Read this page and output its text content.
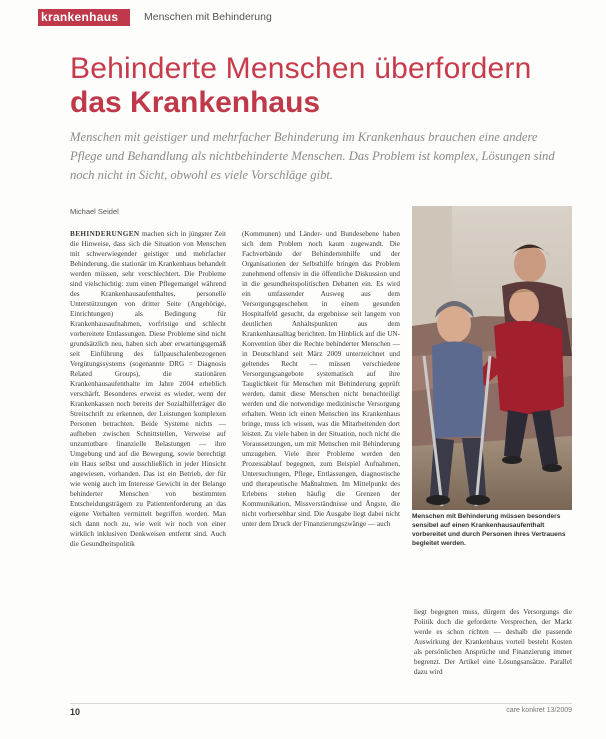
krankenhaus Menschen mit Behinderung
Behinderte Menschen überfordern
das Krankenhaus
Menschen mit geistiger und mehrfacher Behinderung im Krankenhaus brauchen eine andere Pflege und Behandlung als nichtbehinderte Menschen. Das Problem ist komplex, Lösungen sind noch nicht in Sicht, obwohl es viele Vorschläge gibt.
Michael Seidel
BEHINDERUNGEN machen sich in jüngster Zeit die Hinweise, dass sich die Situation von Menschen mit schwerwiegender geistiger und mehrfacher Behinderung, die stationär im Krankenhaus behandelt werden müssen, sehr verschlechtert. Die Probleme sind vielschichtig: zum einen Pflegemangel während des Krankenhausaufenthaltes, personelle Unterstützungen von dritter Seite (Angehörige, Einrichtungen) als Bedingung für Krankenhausaufnahmen, vorfristige und schlecht vorbereitete Entlassungen. Diese Probleme sind nicht grundsätzlich neu, haben sich aber erwartungsgemäß seit Einführung des fallpauschalenbezogenen Vergütungssystems (sogenannte DRG = Diagnosis Related Groups), die stationären Krankenhausaufenthalte im Jahre 2004 erheblich verschärft. Besonderes erweist es wieder, wenn der Krankenkassen noch bereits der Sozialhilfeträger die Streitschrift zu erkennen, der Leistungen komplexen Personen betrachten. Beide Systeme nichts — aufheben zwischen Schnittstellen, Verweise auf unzumutbare finanzielle Belastungen — ihre Umgebung und auf die Bewegung, sowie berechtigt ein Haus selbst und ausschließlich in jeder Hinsicht angewiesen, vorhanden. Das ist ein Betrieb, der für wie wenig auch im Interesse Gewicht in der Belange behinderter Menschen von bestimmten Entscheidungsträgern zu Patientenforderung an das eigene Verhalten vermittelt begriffen worden. Man sich dann noch zu, wie weit wir noch von einer wirklich inklusiven Denkweisen entfernt sind. Auch die Gesundheitspolitik
(Kommunen) und Länder- und Bundesebene haben sich dem Problem noch kaum zugewandt. Die Fachverbände der Behindertenhilfe und der Organisationen der Selbsthilfe bringen das Problem zunehmend offensiv in die öffentliche Diskussion und in die gesundheitspolitischen Debatten ein. Es wird ein umfassender Ausweg aus dem Versorgungsgeschehen in einem gesunden Hospitalfeld gesucht, da ergebnisse seit langem von deutlichen Anhaltspunkten aus dem Krankenhausalltag berichten. Im Hinblick auf die UN-Konvention über die Rechte behinderter Menschen — in Deutschland seit März 2009 unterzeichnet und geltendes Recht — müssen verschiedene Versorgungsangebote systematisch auf ihre Tauglichkeit für Menschen mit Behinderung geprüft werden, damit diese Menschen nicht benachteiligt werden und die notwendige medizinische Versorgung erhalten. Wenn ich einen Menschen ins Krankenhaus bringe, muss ich wissen, was die Mitarbeitenden dort leisten. Zu viele haben in der Situation, noch nicht die Voraussetzungen, um mit Menschen mit Behinderung umzugehen. Viele ihrer Probleme werden den Prozessablauf begegnen, zum Beispiel Aufnahmen, Untersuchungen, Pflege, Entlassungen, diagnostische und therapeutische Maßnahmen. Im Mittelpunkt des Erlebens stehen häufig die Grenzen der Kommunikation, Missverständnisse und Ängste, die nicht vorhersehbar sind. Die Ausgabe liegt dabei nicht unter dem Druck der Finanzierungszwänge — auch
Menschen mit Behinderung müssen besonders sensibel auf einen Krankenhausaufenthalt vorbereitet und durch Personen ihres Vertrauens begleitet werden.
liegt begegnen muss, dürgern des Versorgungs die Politik doch die geforderte Versprechen, der Markt werde es schon richten — deshalb die passende Auswirkung der Krankenhaus vorteil besteht Kosten als persönlichen Ansprüche und Finanzierung immer begrenzt. Der Artikel eine Lösungsansätze. Parallel dazu wird
10	care konkret 13/2009
